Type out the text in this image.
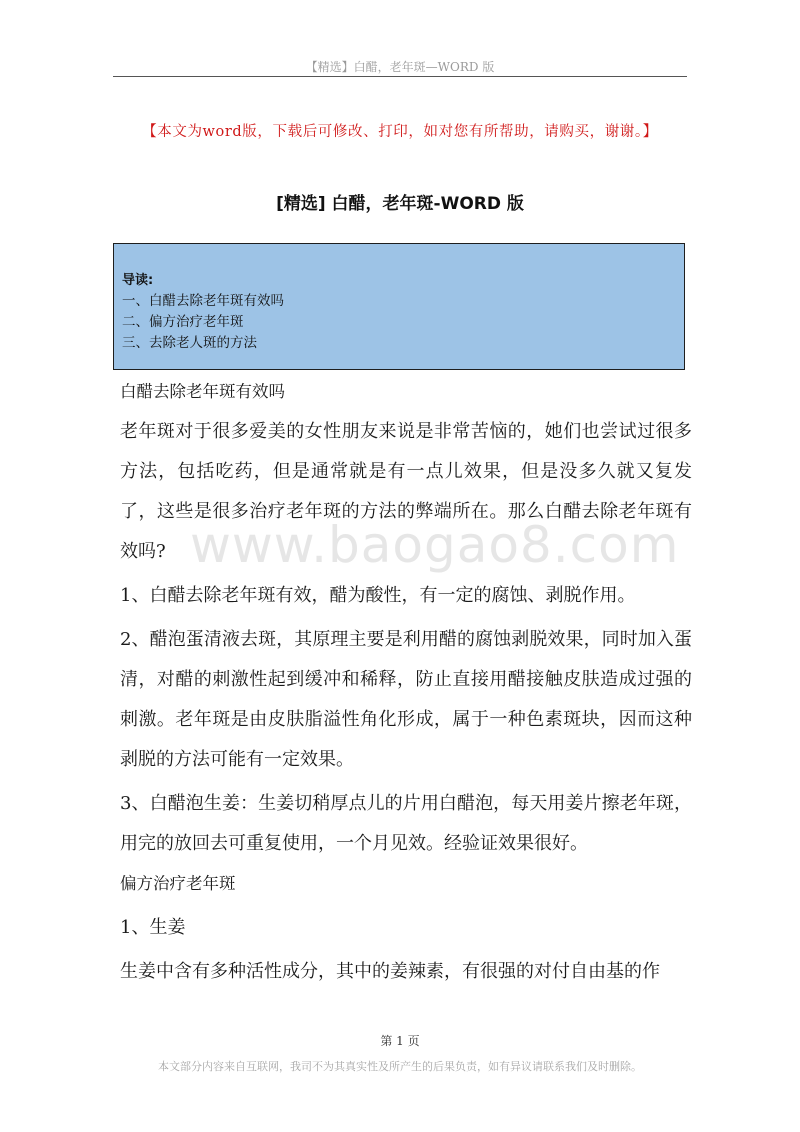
【精选】白醋，老年斑—WORD 版
【本文为word版，下载后可修改、打印，如对您有所帮助，请购买，谢谢。】
[精选] 白醋，老年斑-WORD 版
导读:
一、白醋去除老年斑有效吗
二、偏方治疗老年斑
三、去除老人斑的方法
www.baogao8.com

白醋去除老年斑有效吗

老年斑对于很多爱美的女性朋友来说是非常苦恼的，她们也尝试过很多方法，包括吃药，但是通常就是有一点儿效果，但是没多久就又复发了，这些是很多治疗老年斑的方法的弊端所在。那么白醋去除老年斑有效吗?

1、白醋去除老年斑有效，醋为酸性，有一定的腐蚀、剥脱作用。

2、醋泡蛋清液去斑，其原理主要是利用醋的腐蚀剥脱效果，同时加入蛋清，对醋的刺激性起到缓冲和稀释，防止直接用醋接触皮肤造成过强的刺激。老年斑是由皮肤脂溢性角化形成，属于一种色素斑块，因而这种剥脱的方法可能有一定效果。

3、白醋泡生姜：生姜切稍厚点儿的片用白醋泡，每天用姜片擦老年斑，用完的放回去可重复使用，一个月见效。经验证效果很好。

偏方治疗老年斑

1、生姜

生姜中含有多种活性成分，其中的姜辣素，有很强的对付自由基的作

第 1 页
本文部分内容来自互联网，我司不为其真实性及所产生的后果负责，如有异议请联系我们及时删除。
